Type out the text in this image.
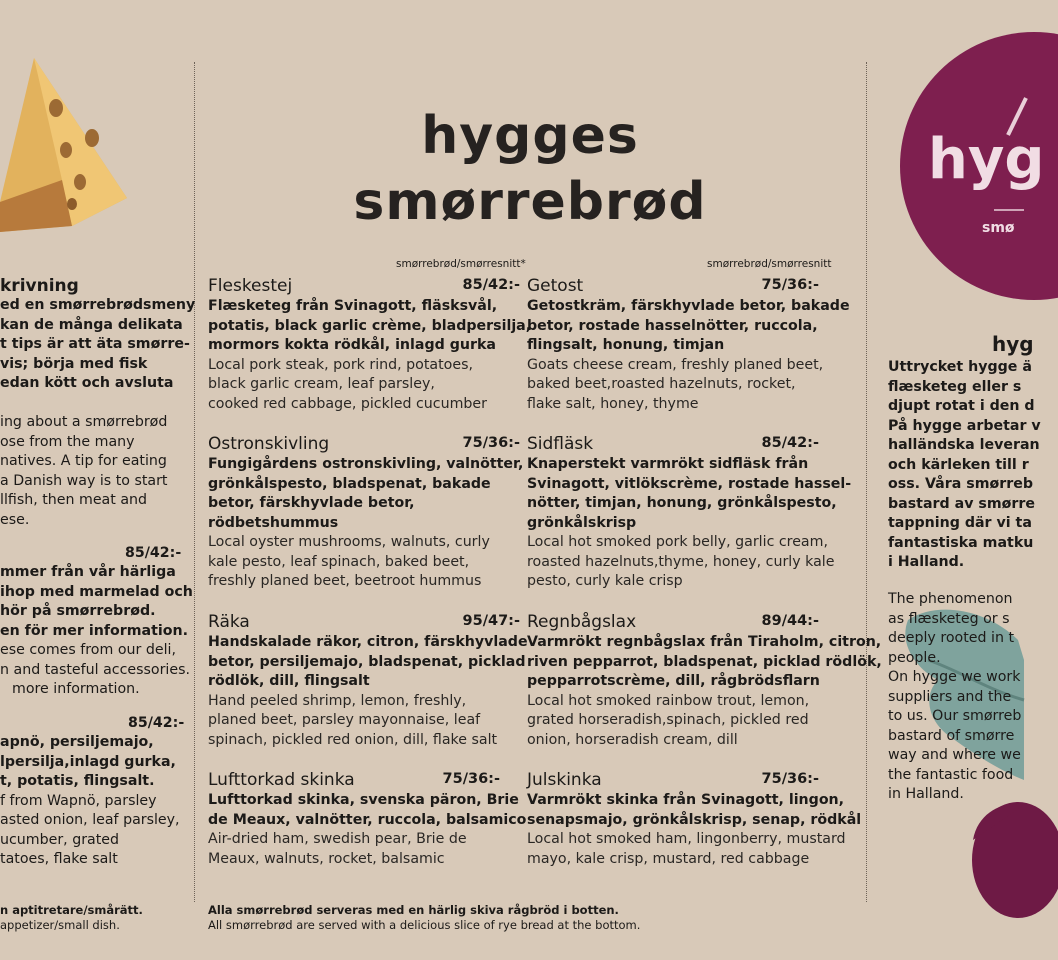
hygges
smørrebrød
smørrebrød/smørresnitt*	smørrebrød/smørresnitt
Fleskestej	85/42:-
Flæsketeg från Svinagott, fläsksvål,
potatis, black garlic crème, bladpersilja,
mormors kokta rödkål, inlagd gurka
Local pork steak, pork rind, potatoes,
black garlic cream, leaf parsley,
cooked red cabbage, pickled cucumber
Getost	75/36:-
Getostkräm, färskhyvlade betor, bakade
betor, rostade hasselnötter, ruccola,
flingsalt, honung, timjan
Goats cheese cream, freshly planed beet,
baked beet,roasted hazelnuts, rocket,
flake salt, honey, thyme
Ostronskivling	75/36:-
Fungigårdens ostronskivling, valnötter,
grönkålspesto, bladspenat, bakade
betor, färskhyvlade betor,
rödbetshummus
Local oyster mushrooms, walnuts, curly
kale pesto, leaf spinach, baked beet,
freshly planed beet, beetroot hummus
Sidfläsk	85/42:-
Knaperstekt varmrökt sidfläsk från
Svinagott, vitlökscrème, rostade hassel-
nötter, timjan, honung, grönkålspesto,
grönkålskrisp
Local hot smoked pork belly, garlic cream,
roasted hazelnuts,thyme, honey, curly kale
pesto, curly kale crisp
Räka	95/47:-
Handskalade räkor, citron, färskhyvlade
betor, persiljemajo, bladspenat, picklad
rödlök, dill, flingsalt
Hand peeled shrimp, lemon, freshly,
planed beet, parsley mayonnaise, leaf
spinach, pickled red onion, dill, flake salt
Regnbågslax	89/44:-
Varmrökt regnbågslax från Tiraholm, citron,
riven pepparrot, bladspenat, picklad rödlök,
pepparrotscrème, dill, rågbrödsflarn
Local hot smoked rainbow trout, lemon,
grated horseradish,spinach, pickled red
onion, horseradish cream, dill
Lufttorkad skinka	75/36:-
Lufttorkad skinka, svenska päron, Brie
de Meaux, valnötter, ruccola, balsamico
Air-dried ham, swedish pear, Brie de
Meaux, walnuts, rocket, balsamic
Julskinka	75/36:-
Varmrökt skinka från Svinagott, lingon,
senapsmajo, grönkålskrisp, senap, rödkål
Local hot smoked ham, lingonberry, mustard
mayo, kale crisp, mustard, red cabbage
Alla smørrebrød serveras med en härlig skiva rågbröd i botten.
All smørrebrød are served with a delicious slice of rye bread at the bottom.
krivning
ed en smørrebrødsmeny
kan de många delikata
t tips är att äta smørre-
vis; börja med fisk
edan kött och avsluta
ing about a smørrebrød
ose from the many
natives. A tip for eating
a Danish way is to start
llfish, then meat and
ese.
85/42:-
mmer från vår härliga
ihop med marmelad och
hör på smørrebrød.
en för mer information.
ese comes from our deli,
n and tasteful accessories.
more information.
85/42:-
apnö, persiljemajo,
lpersilja,inlagd gurka,
t, potatis, flingsalt.
f from Wapnö, parsley
asted onion, leaf parsley,
ucumber, grated
tatoes, flake salt
n aptitretare/smårätt.
appetizer/small dish.
hyg
smø
hyg
Uttrycket hygge ä
flæsketeg eller s
djupt rotat i den d
På hygge arbetar v
halländska leveran
och kärleken till r
oss. Våra smørreb
bastard av smørre
tappning där vi ta
fantastiska matku
i Halland.
The phenomenon
as flæsketeg or s
deeply rooted in t
people.
On hygge we work
suppliers and the
to us. Our smørreb
bastard of smørre
way and where we
the fantastic food
in Halland.
